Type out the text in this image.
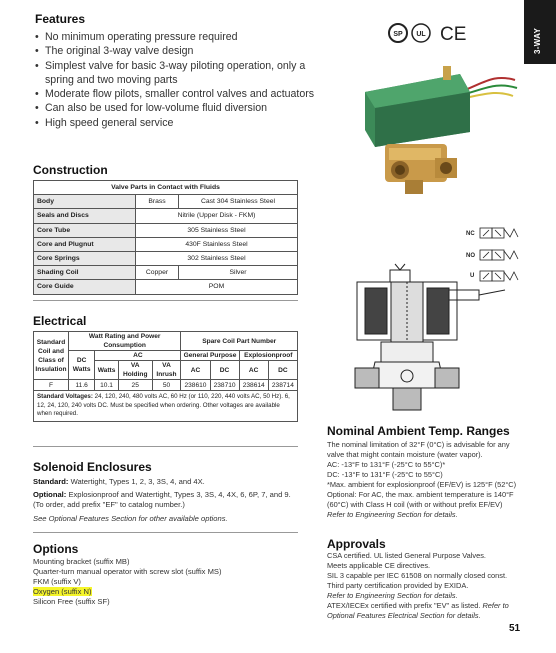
3-WAY
Features
• No minimum operating pressure required
• The original 3-way valve design
• Simplest valve for basic 3-way piloting operation, only a spring and two moving parts
• Moderate flow pilots, smaller control valves and actuators
• Can also be used for low-volume fluid diversion
• High speed general service
SP UL CE
Construction
Valve Parts in Contact with Fluids		
Body	Brass	Cast 304 Stainless Steel
Seals and Discs	Nitrile (Upper Disk - FKM)	
Core Tube	305 Stainless Steel	
Core and Plugnut	430F Stainless Steel	
Core Springs	302 Stainless Steel	
Shading Coil	Copper	Silver
Core Guide	POM	
Electrical
Standard Coil and Class of Insulation	Watt Rating and Power Consumption				Spare Coil Part Number			
	DC Watts	AC			General Purpose		Explosionproof	
		Watts	VA Holding	VA Inrush	AC	DC	AC	DC
F	11.6	10.1	25	50	238610	238710	238614	238714
Standard Voltages: 24, 120, 240, 480 volts AC, 60 Hz (or 110, 220, 440 volts AC, 50 Hz). 6, 12, 24, 120, 240 volts DC. Must be specified when ordering. Other voltages are available when required.								
Solenoid Enclosures
Standard: Watertight, Types 1, 2, 3, 3S, 4, and 4X.
Optional: Explosionproof and Watertight, Types 3, 3S, 4, 4X, 6, 6P, 7, and 9. (To order, add prefix "EF" to catalog number.)
See Optional Features Section for other available options.
Options
Mounting bracket (suffix MB)
Quarter-turn manual operator with screw slot (suffix MS)
FKM (suffix V)
Oxygen (suffix N)
Silicon Free (suffix SF)
NC
NO
U
Nominal Ambient Temp. Ranges
The nominal limitation of 32°F (0°C) is advisable for any valve that might contain moisture (water vapor).
AC: -13°F to 131°F (-25°C to 55°C)*
DC: -13°F to 131°F (-25°C to 55°C)
*Max. ambient for explosionproof (EF/EV) is 125°F (52°C)
Optional: For AC, the max. ambient temperature is 140°F (60°C) with Class H coil (with or without prefix EF/EV)
Refer to Engineering Section for details.
Approvals
CSA certified. UL listed General Purpose Valves.
Meets applicable CE directives.
SIL 3 capable per IEC 61508 on normally closed const. Third party certification provided by EXIDA.
Refer to Engineering Section for details.
ATEX/IECEx certified with prefix "EV" as listed. Refer to Optional Features Electrical Section for details.
51
